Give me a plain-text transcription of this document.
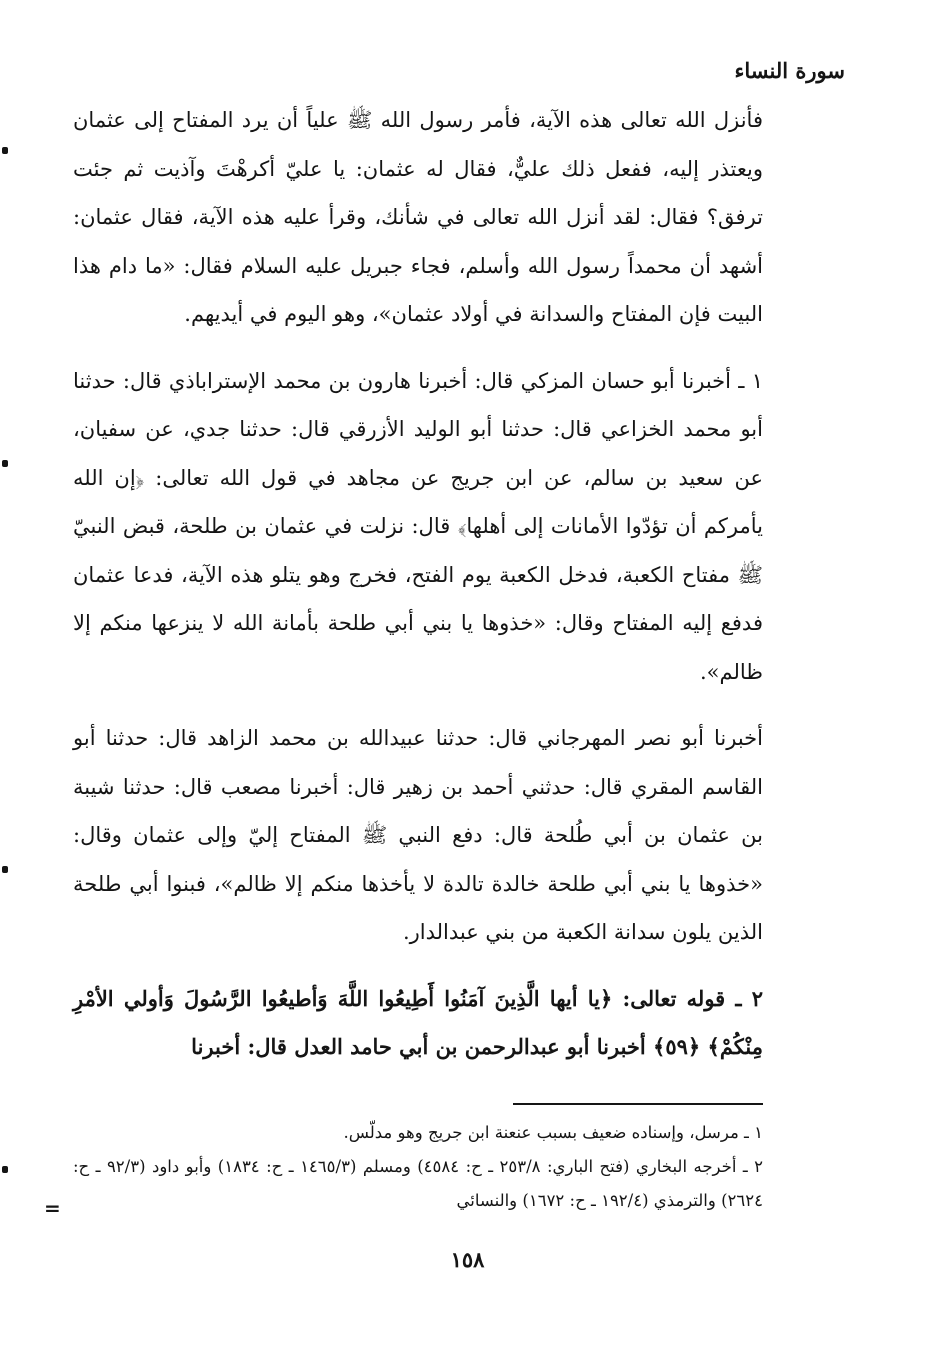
سورة النساء

فأنزل الله تعالى هذه الآية، فأمر رسول الله ﷺ علياً أن يرد المفتاح إلى عثمان ويعتذر إليه، ففعل ذلك عليٌّ، فقال له عثمان: يا عليّ أكرهْتَ وآذيت ثم جئت ترفق؟ فقال: لقد أنزل الله تعالى في شأنك، وقرأ عليه هذه الآية، فقال عثمان: أشهد أن محمداً رسول الله وأسلم، فجاء جبريل عليه السلام فقال: «ما دام هذا البيت فإن المفتاح والسدانة في أولاد عثمان»، وهو اليوم في أيديهم.

١ ـ أخبرنا أبو حسان المزكي قال: أخبرنا هارون بن محمد الإستراباذي قال: حدثنا أبو محمد الخزاعي قال: حدثنا أبو الوليد الأزرقي قال: حدثنا جدي، عن سفيان، عن سعيد بن سالم، عن ابن جريج عن مجاهد في قول الله تعالى: ﴿إن الله يأمركم أن تؤدّوا الأمانات إلى أهلها﴾ قال: نزلت في عثمان بن طلحة، قبض النبيّ ﷺ مفتاح الكعبة، فدخل الكعبة يوم الفتح، فخرج وهو يتلو هذه الآية، فدعا عثمان فدفع إليه المفتاح وقال: «خذوها يا بني أبي طلحة بأمانة الله لا ينزعها منكم إلا ظالم».

أخبرنا أبو نصر المهرجاني قال: حدثنا عبيدالله بن محمد الزاهد قال: حدثنا أبو القاسم المقري قال: حدثني أحمد بن زهير قال: أخبرنا مصعب قال: حدثنا شيبة بن عثمان بن أبي طُلحة قال: دفع النبي ﷺ المفتاح إليّ وإلى عثمان وقال: «خذوها يا بني أبي طلحة خالدة تالدة لا يأخذها منكم إلا ظالم»، فبنوا أبي طلحة الذين يلون سدانة الكعبة من بني عبدالدار.

٢ ـ قوله تعالى: ﴿يا أيها الَّذِينَ آمَنُوا أَطِيعُوا اللَّهَ وَأطيعُوا الرَّسُولَ وَأولي الأمْرِ مِنْكُمْ﴾ ﴿٥٩﴾ أخبرنا أبو عبدالرحمن بن أبي حامد العدل قال: أخبرنا

١ ـ مرسل، وإسناده ضعيف بسبب عنعنة ابن جريج وهو مدلّس.

٢ ـ أخرجه البخاري (فتح الباري: ٢٥٣/٨ ـ ح: ٤٥٨٤) ومسلم (١٤٦٥/٣ ـ ح: ١٨٣٤) وأبو داود (٩٢/٣ ـ ح: ٢٦٢٤) والترمذي (١٩٢/٤ ـ ح: ١٦٧٢) والنسائي

=
١٥٨
